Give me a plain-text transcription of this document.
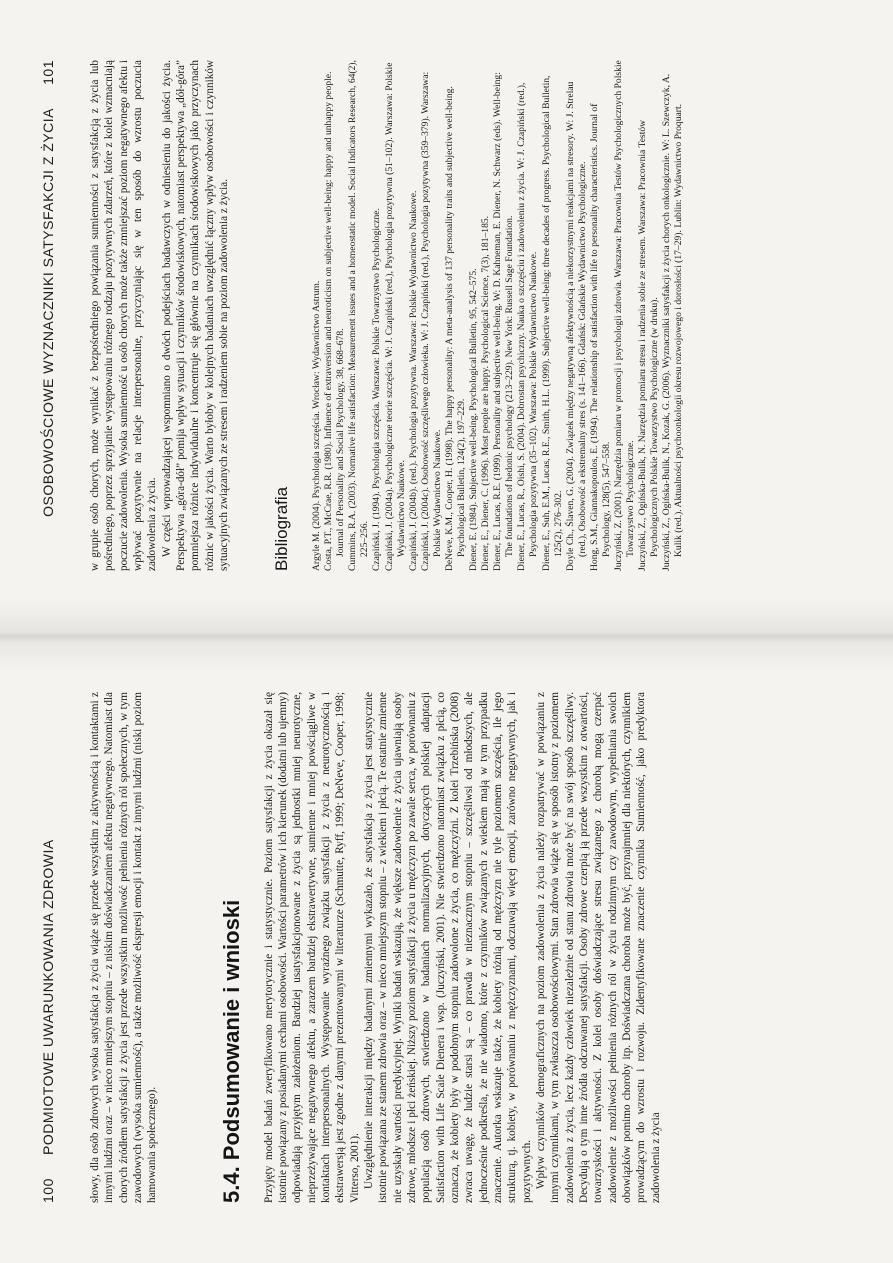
100
PODMIOTOWE UWARUNKOWANIA ZDROWIA	słowy, dla osób zdrowych wysoka satysfakcja z życia wiąże się przede wszystkim z aktywnością i kontaktami z innymi ludźmi oraz – w nieco mniejszym stopniu – z niskim doświadczaniem afektu negatywnego. Natomiast dla chorych źródłem satysfakcji z życia jest przede wszystkim możliwość pełnienia różnych ról społecznych, w tym zawodowych (wysoka sumienność), a także możliwość ekspresji emocji i kontakt z innymi ludźmi (niski poziom hamowania społecznego).	5.4. Podsumowanie i wnioski Przyjęty model badań zweryfikowano merytorycznie i statystycznie. Poziom satysfakcji z życia okazał się istotnie powiązany z posiadanymi cechami osobowości. Wartości parametrów i ich kierunek (dodatni lub ujemny) odpowiadają przyjętym założeniom. Bardziej usatysfakcjonowane z życia są jednostki mniej neurotyczne, nieprzeżywające negatywnego afektu, a zarazem bardziej ekstrawertywne, sumienne i mniej powściągliwe w kontaktach interpersonalnych. Występowanie wyraźnego związku satysfakcji z życia z neurotycznością i ekstrawersją jest zgodne z danymi prezentowanymi w literaturze (Schmutte, Ryff, 1999; DeNeve, Cooper, 1998; Vitterso, 2001). Uwzględnienie interakcji między badanymi zmiennymi wykazało, że satysfakcja z życia jest statystycznie istotnie powiązana ze stanem zdrowia oraz – w nieco mniejszym stopniu – z wiekiem i płcią. Te ostatnie zmienne nie uzyskały wartości predykcyjnej. Wyniki badań wskazują, że większe zadowolenie z życia ujawniają osoby zdrowe, młodsze i płci żeńskiej. Niższy poziom satysfakcji z życia u mężczyzn po zawale serca, w porównaniu z populacją osób zdrowych, stwierdzono w badaniach normalizacyjnych, dotyczących polskiej adaptacji Satisfaction with Life Scale Dienera i wsp. (Juczyński, 2001). Nie stwierdzono natomiast związku z płcią, co oznacza, że kobiety były w podobnym stopniu zadowolone z życia, co mężczyźni. Z kolei Trzebińska (2008) zwraca uwagę, że ludzie starsi są – co prawda w nieznacznym stopniu – szczęśliwsi od młodszych, ale jednocześnie podkreśla, że nie wiadomo, które z czynników związanych z wiekiem mają w tym przypadku znaczenie. Autorka wskazuje także, że kobiety różnią od mężczyzn nie tyle poziomem szczęścia, ile jego strukturą, tj. kobiety, w porównaniu z mężczyznami, odczuwają więcej emocji, zarówno negatywnych, jak i pozytywnych. Wpływ czynników demograficznych na poziom zadowolenia z życia należy rozpatrywać w powiązaniu z innymi czynnikami, w tym zwłaszcza osobowościowymi. Stan zdrowia wiąże się w sposób istotny z poziomem zadowolenia z życia, lecz każdy człowiek niezależnie od stanu zdrowia może być na swój sposób szczęśliwy. Decydują o tym inne źródła odczuwanej satysfakcji. Osoby zdrowe czerpią ją przede wszystkim z otwartości, towarzyskości i aktywności. Z kolei osoby doświadczające stresu związanego z chorobą mogą czerpać zadowolenie z możliwości pełnienia różnych ról w życiu rodzinnym czy zawodowym, wypełniania swoich obowiązków pomimo choroby itp. Doświadczana choroba może być, przynajmniej dla niektórych, czynnikiem prowadzącym do wzrostu i rozwoju. Zidentyfikowane znaczenie czynnika Sumienność, jako predyktora zadowolenia z życia

OSOBOWOŚCIOWE WYZNACZNIKI SATYSFAKCJI Z ŻYCIA
101	w grupie osób chorych, może wynikać z bezpośredniego powiązania sumienności z satysfakcją z życia lub pośredniego, poprzez sprzyjanie występowaniu różnego rodzaju pozytywnych zdarzeń, które z kolei wzmacniają poczucie zadowolenia. Wysoka sumienność u osób chorych może także zmniejszać poziom negatywnego afektu i wpływać pozytywnie na relacje interpersonalne, przyczyniając się w ten sposób do wzrostu poczucia zadowolenia z życia. W części wprowadzającej wspomniano o dwóch podejściach badawczych w odniesieniu do jakości życia. Perspektywa „góra-dół” pomija wpływ sytuacji i czynników środowiskowych, natomiast perspektywa „dół-góra” pomniejsza różnice indywidualne i koncentruje się głównie na czynnikach środowiskowych jako przyczynach różnic w jakości życia. Warto byłoby w kolejnych badaniach uwzględnić łączny wpływ osobowości i czynników sytuacyjnych związanych ze stresem i radzeniem sobie na poziom zadowolenia z życia. Bibliografia Argyle M. (2004). Psychologia szczęścia. Wrocław: Wydawnictwo Astrum. Costa, P.T., McCrae, R.R. (1980). Influence of extraversion and neuroticism on subjective well-being: happy and unhappy people. Journal of Personality and Social Psychology, 38, 668–678. Cummins, R.A. (2003). Normative life satisfaction: Measurement issues and a homeostatic model. Social Indicators Research, 64(2), 225–256. Czapiński, J. (1994). Psychologia szczęścia. Warszawa: Polskie Towarzystwo Psychologiczne. Czapiński, J. (2004a). Psychologiczne teorie szczęścia. W: J. Czapiński (red.), Psychologia pozytywna (51–102). Warszawa: Polskie Wydawnictwo Naukowe. Czapiński, J. (2004b). (red.). Psychologia pozytywna. Warszawa: Polskie Wydawnictwo Naukowe. Czapiński, J. (2004c). Osobowość szczęśliwego człowieka. W: J. Czapiński (red.), Psychologia pozytywna (359–379). Warszawa: Polskie Wydawnictwo Naukowe. DeNeve, K.M., Cooper, H. (1998). The happy personality: A meta-analysis of 137 personality traits and subjective well-being. Psychological Bulletin, 124(2), 197–229. Diener, E. (1984). Subjective well-being. Psychological Bulletin, 95, 542–575. Diener, E., Diener, C. (1996). Most people are happy. Psychological Science, 7(3), 181–185. Diener, E., Lucas, R.E. (1999). Personality and subjective well-being. W: D. Kahneman, E. Diener, N. Schwarz (eds). Well-being: The foundations of hedonic psychology (213–229). New York: Russell Sage Foundation. Diener, E., Lucas, R., Oishi, S. (2004). Dobrostan psychiczny. Nauka o szczęściu i zadowoleniu z życia. W: J. Czapiński (red.), Psychologia pozytywna (35–102). Warszawa: Polskie Wydawnictwo Naukowe. Diener, E., Suh, E.M., Lucas, R.E., Smith, H.L. (1999). Subjective well-being: three decades of progress. Psychological Bulletin, 125(2), 276–302. Doyle Ch., Ślaven, G. (2004). Związek między negatywną afektywnością a niekorzystnymi reakcjami na stresory. W: J. Strelau (red.), Osobowość a ekstremalny stres (s. 141–166). Gdańsk: Gdańskie Wydawnictwo Psychologiczne. Hong, S.M., Giannakopoulos, E. (1994). The relationship of satisfaction with life to personality characteristics. Journal of Psychology, 128(5), 547–558. Juczyński, Z. (2001). Narzędzia pomiaru w promocji i psychologii zdrowia. Warszawa: Pracownia Testów Psychologicznych Polskie Towarzystwo Psychologiczne. Juczyński, Z., Ogińska-Bulik, N. Narzędzia pomiaru stresu i radzenia sobie ze stresem. Warszawa: Pracownia Testów Psychologicznych Polskie Towarzystwo Psychologiczne (w druku). Juczyński, Z., Ogińska-Bulik, N., Kozak, G. (2006). Wyznaczniki satysfakcji z życia chorych onkologicznie. W: L. Szewczyk, A. Kulik (red.). Aktualności psychoonkologii okresu rozwojowego i dorosłości (17–29). Lublin: Wydawnictwo Proquart.
